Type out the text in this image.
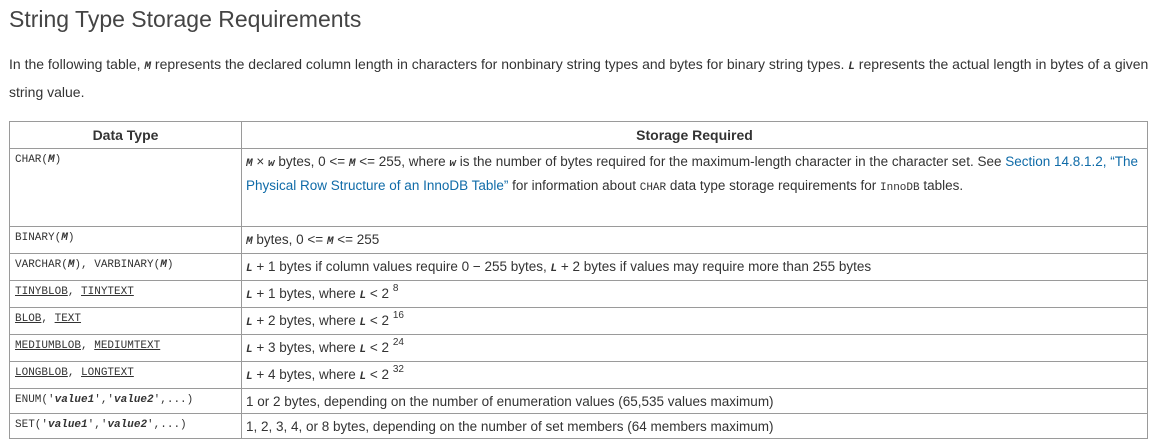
String Type Storage Requirements
In the following table, M represents the declared column length in characters for nonbinary string types and bytes for binary string types. L represents the actual length in bytes of a given string value.
Data Type	Storage Required
CHAR(M)	M × w bytes, 0 <= M <= 255, where w is the number of bytes required for the maximum-length character in the character set. See Section 14.8.1.2, “The Physical Row Structure of an InnoDB Table” for information about CHAR data type storage requirements for InnoDB tables.
BINARY(M)	M bytes, 0 <= M <= 255
VARCHAR(M), VARBINARY(M)	L + 1 bytes if column values require 0 − 255 bytes, L + 2 bytes if values may require more than 255 bytes
TINYBLOB, TINYTEXT	L + 1 bytes, where L < 2 $^8$
BLOB, TEXT	L + 2 bytes, where L < 2 $^{16}$
MEDIUMBLOB, MEDIUMTEXT	L + 3 bytes, where L < 2 $^{24}$
LONGBLOB, LONGTEXT	L + 4 bytes, where L < 2 $^{32}$
ENUM('value1','value2',...)	1 or 2 bytes, depending on the number of enumeration values (65,535 values maximum)
SET('value1','value2',...)	1, 2, 3, 4, or 8 bytes, depending on the number of set members (64 members maximum)
